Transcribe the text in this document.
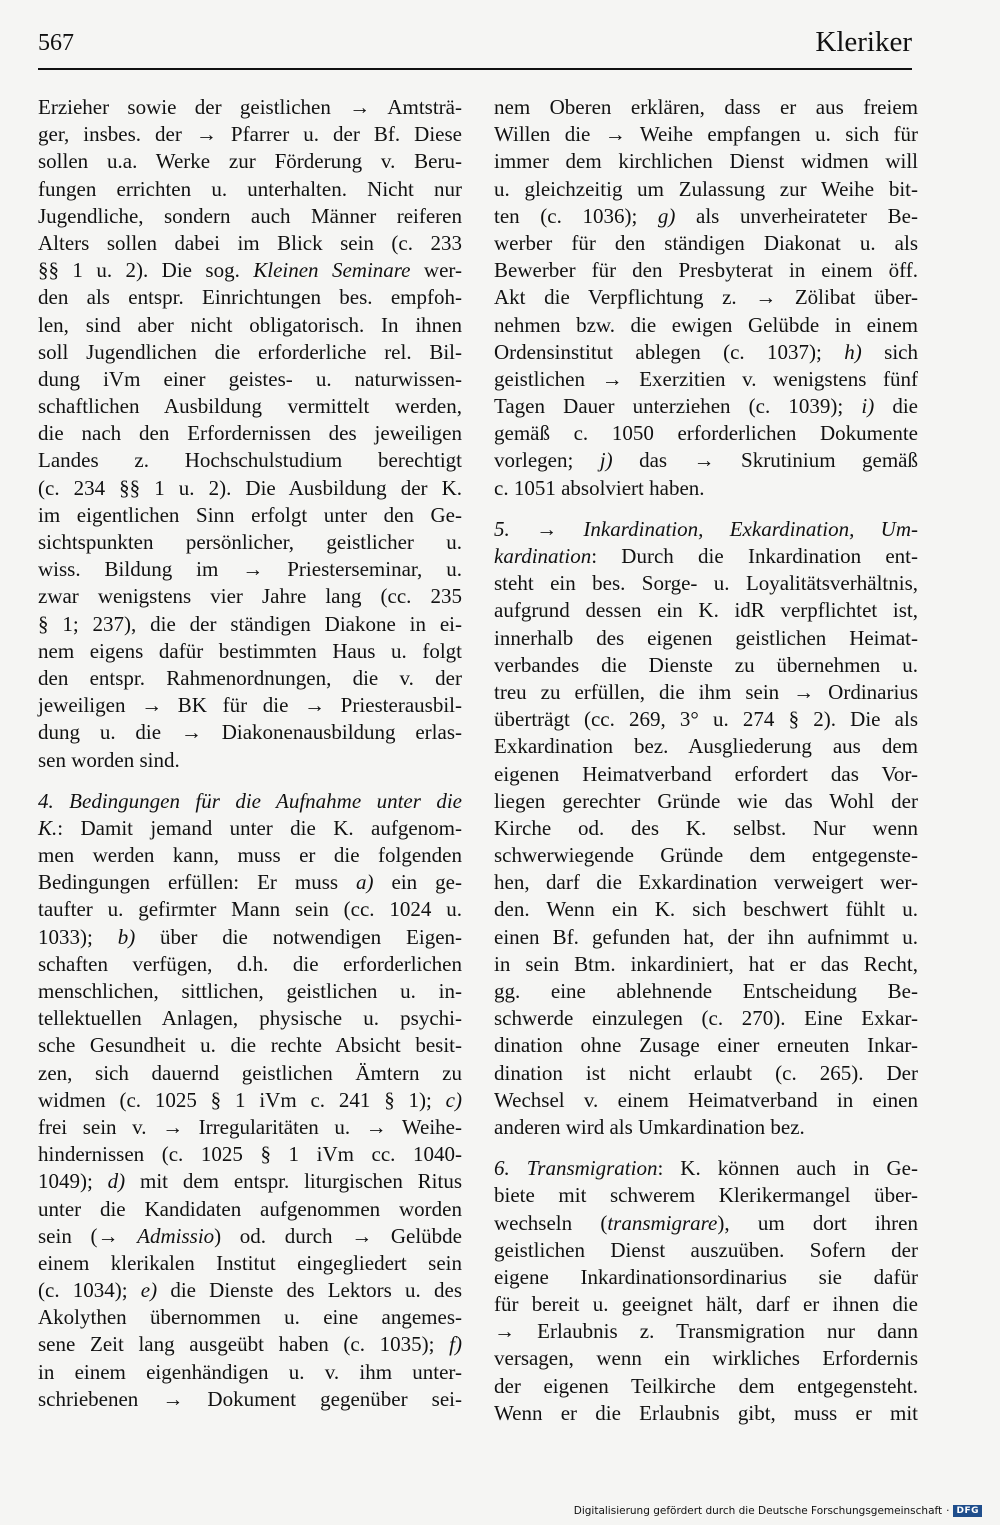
567	Kleriker
Erzieher sowie der geistlichen → Amtsträ-
ger, insbes. der → Pfarrer u. der Bf. Diese
sollen u.a. Werke zur Förderung v. Beru-
fungen errichten u. unterhalten. Nicht nur
Jugendliche, sondern auch Männer reiferen
Alters sollen dabei im Blick sein (c. 233
§§ 1 u. 2). Die sog. Kleinen Seminare wer-
den als entspr. Einrichtungen bes. empfoh-
len, sind aber nicht obligatorisch. In ihnen
soll Jugendlichen die erforderliche rel. Bil-
dung iVm einer geistes- u. naturwissen-
schaftlichen Ausbildung vermittelt werden,
die nach den Erfordernissen des jeweiligen
Landes z. Hochschulstudium berechtigt
(c. 234 §§ 1 u. 2). Die Ausbildung der K.
im eigentlichen Sinn erfolgt unter den Ge-
sichtspunkten persönlicher, geistlicher u.
wiss. Bildung im → Priesterseminar, u.
zwar wenigstens vier Jahre lang (cc. 235
§ 1; 237), die der ständigen Diakone in ei-
nem eigens dafür bestimmten Haus u. folgt
den entspr. Rahmenordnungen, die v. der
jeweiligen → BK für die → Priesterausbil-
dung u. die → Diakonenausbildung erlas-
sen worden sind.
4. Bedingungen für die Aufnahme unter die
K.: Damit jemand unter die K. aufgenom-
men werden kann, muss er die folgenden
Bedingungen erfüllen: Er muss a) ein ge-
taufter u. gefirmter Mann sein (cc. 1024 u.
1033); b) über die notwendigen Eigen-
schaften verfügen, d.h. die erforderlichen
menschlichen, sittlichen, geistlichen u. in-
tellektuellen Anlagen, physische u. psychi-
sche Gesundheit u. die rechte Absicht besit-
zen, sich dauernd geistlichen Ämtern zu
widmen (c. 1025 § 1 iVm c. 241 § 1); c)
frei sein v. → Irregularitäten u. → Weihe-
hindernissen (c. 1025 § 1 iVm cc. 1040-
1049); d) mit dem entspr. liturgischen Ritus
unter die Kandidaten aufgenommen worden
sein (→ Admissio) od. durch → Gelübde
einem klerikalen Institut eingegliedert sein
(c. 1034); e) die Dienste des Lektors u. des
Akolythen übernommen u. eine angemes-
sene Zeit lang ausgeübt haben (c. 1035); f)
in einem eigenhändigen u. v. ihm unter-
schriebenen → Dokument gegenüber sei-
nem Oberen erklären, dass er aus freiem
Willen die → Weihe empfangen u. sich für
immer dem kirchlichen Dienst widmen will
u. gleichzeitig um Zulassung zur Weihe bit-
ten (c. 1036); g) als unverheirateter Be-
werber für den ständigen Diakonat u. als
Bewerber für den Presbyterat in einem öff.
Akt die Verpflichtung z. → Zölibat über-
nehmen bzw. die ewigen Gelübde in einem
Ordensinstitut ablegen (c. 1037); h) sich
geistlichen → Exerzitien v. wenigstens fünf
Tagen Dauer unterziehen (c. 1039); i) die
gemäß c. 1050 erforderlichen Dokumente
vorlegen; j) das → Skrutinium gemäß
c. 1051 absolviert haben.
5. → Inkardination, Exkardination, Um-
kardination: Durch die Inkardination ent-
steht ein bes. Sorge- u. Loyalitätsverhältnis,
aufgrund dessen ein K. idR verpflichtet ist,
innerhalb des eigenen geistlichen Heimat-
verbandes die Dienste zu übernehmen u.
treu zu erfüllen, die ihm sein → Ordinarius
überträgt (cc. 269, 3° u. 274 § 2). Die als
Exkardination bez. Ausgliederung aus dem
eigenen Heimatverband erfordert das Vor-
liegen gerechter Gründe wie das Wohl der
Kirche od. des K. selbst. Nur wenn
schwerwiegende Gründe dem entgegenste-
hen, darf die Exkardination verweigert wer-
den. Wenn ein K. sich beschwert fühlt u.
einen Bf. gefunden hat, der ihn aufnimmt u.
in sein Btm. inkardiniert, hat er das Recht,
gg. eine ablehnende Entscheidung Be-
schwerde einzulegen (c. 270). Eine Exkar-
dination ohne Zusage einer erneuten Inkar-
dination ist nicht erlaubt (c. 265). Der
Wechsel v. einem Heimatverband in einen
anderen wird als Umkardination bez.
6. Transmigration: K. können auch in Ge-
biete mit schwerem Klerikermangel über-
wechseln (transmigrare), um dort ihren
geistlichen Dienst auszuüben. Sofern der
eigene Inkardinationsordinarius sie dafür
für bereit u. geeignet hält, darf er ihnen die
→ Erlaubnis z. Transmigration nur dann
versagen, wenn ein wirkliches Erfordernis
der eigenen Teilkirche dem entgegensteht.
Wenn er die Erlaubnis gibt, muss er mit
Digitalisierung gefördert durch die Deutsche Forschungsgemeinschaft · DFG
